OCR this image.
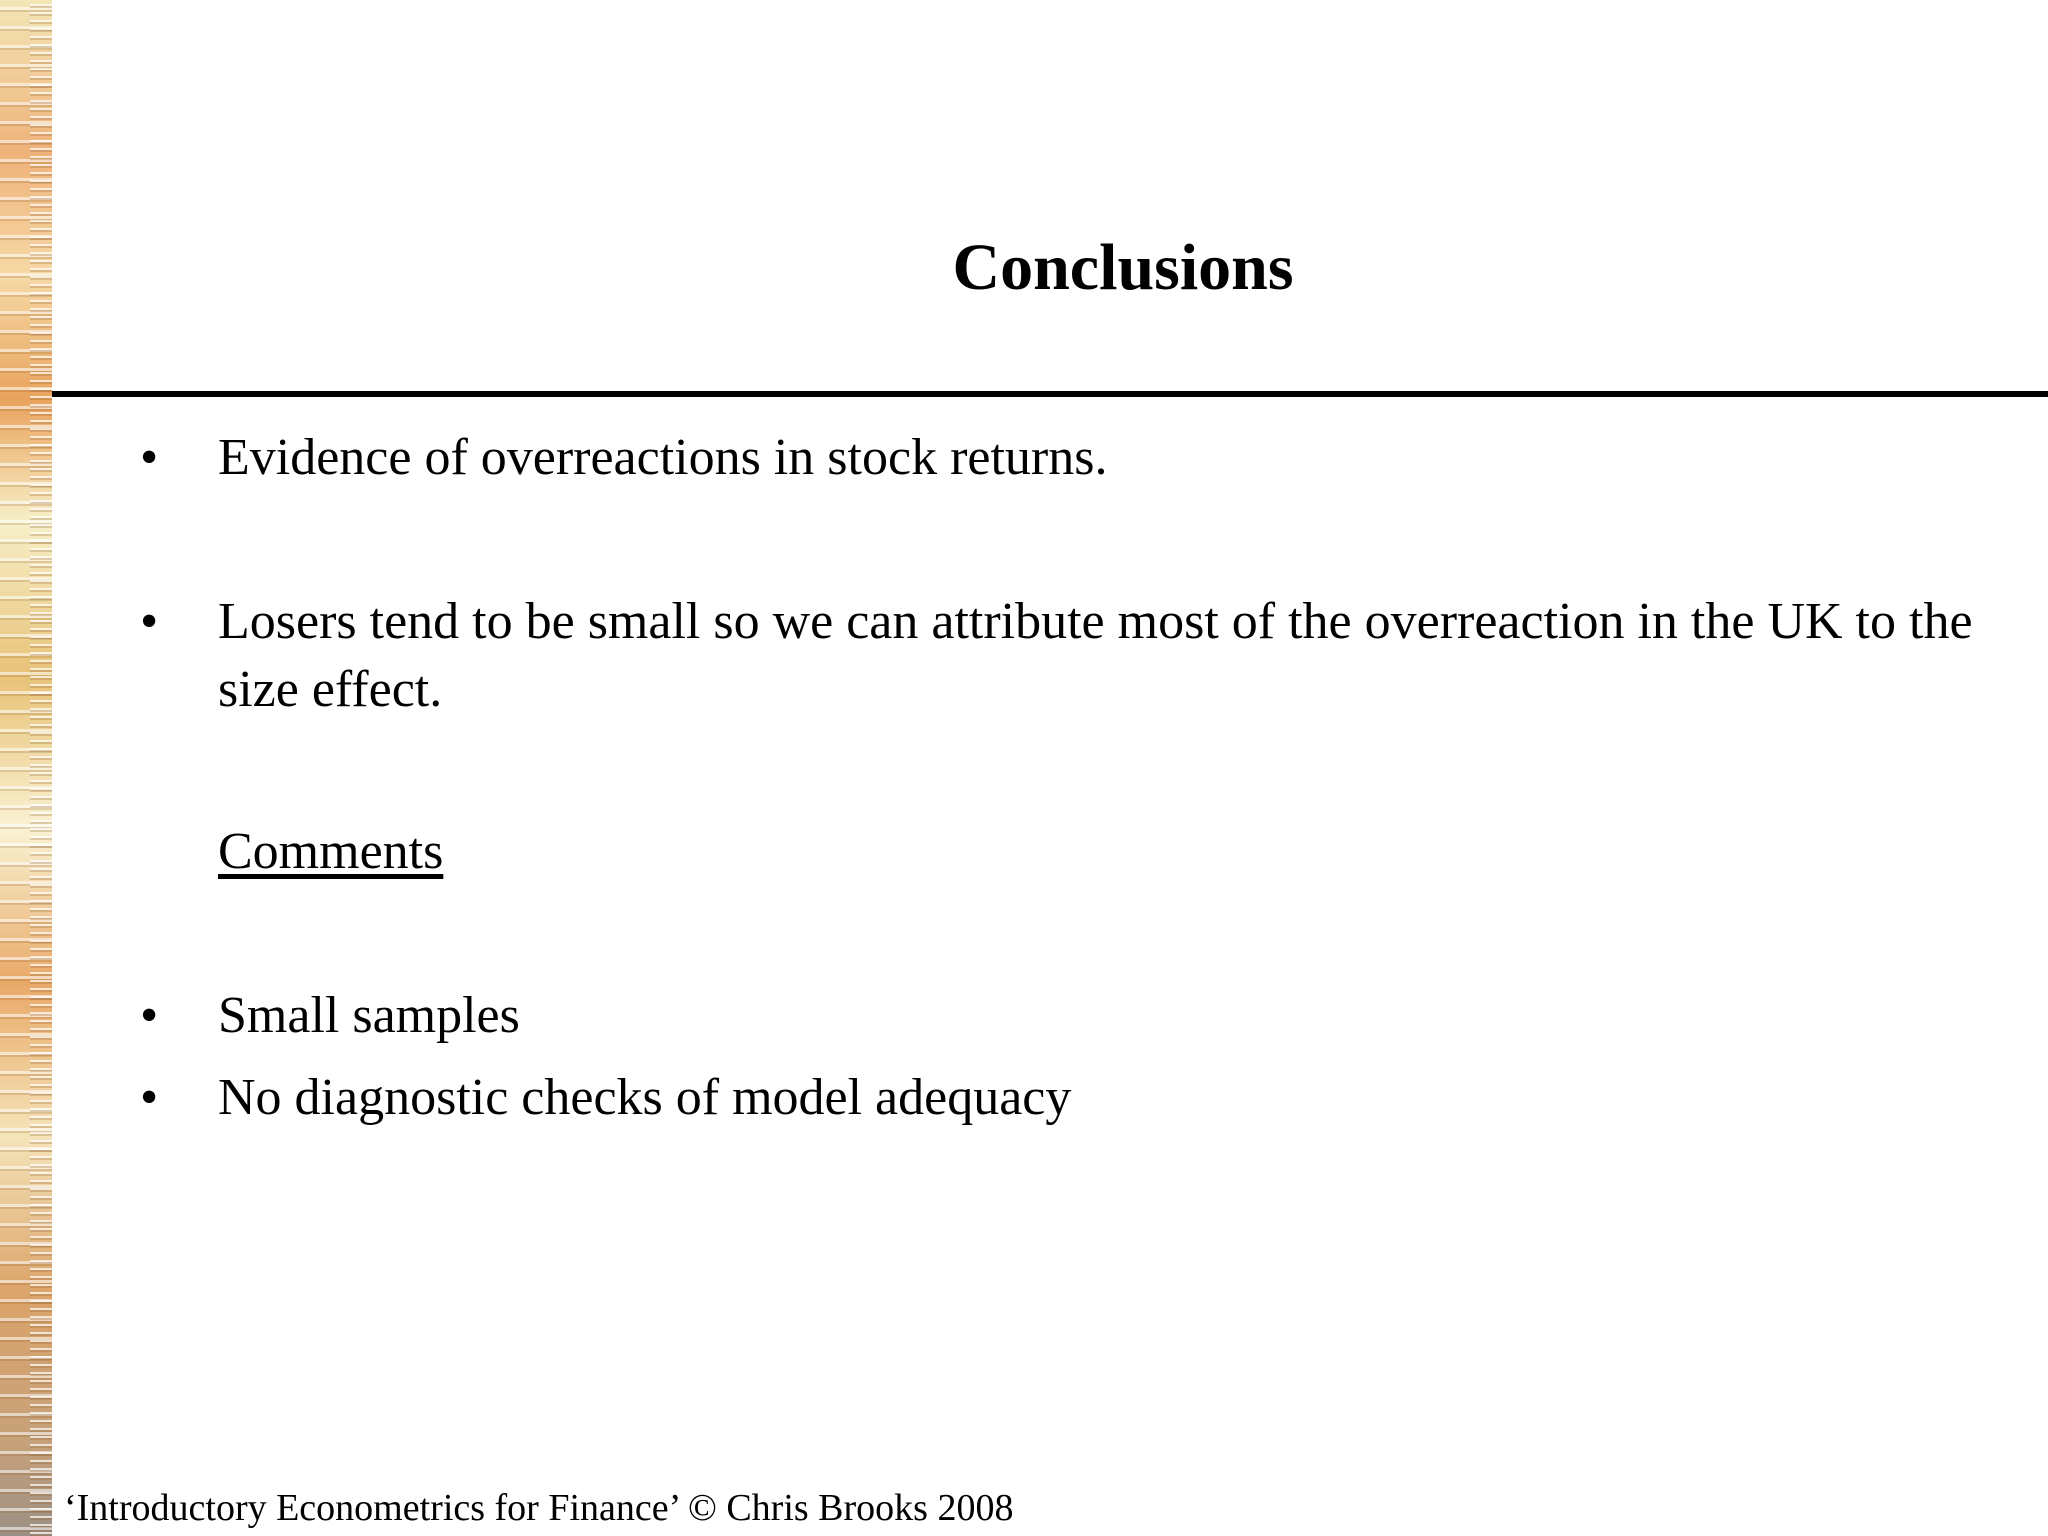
Conclusions
•	Evidence of overreactions in stock returns.
•	Losers tend to be small so we can attribute most of the overreaction in the UK to the size effect.
Comments
•	Small samples
•	No diagnostic checks of model adequacy
‘Introductory Econometrics for Finance’ © Chris Brooks 2008
